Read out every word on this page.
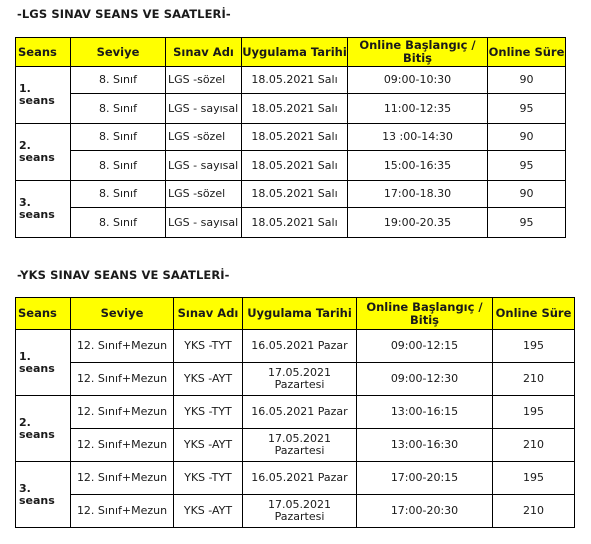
-LGS SINAV SEANS VE SAATLERİ-
Seans	Seviye	Sınav Adı	Uygulama Tarihi	Online Başlangıç / Bitiş	Online Süre
1. seans	8. Sınıf	LGS -sözel	18.05.2021 Salı	09:00-10:30	90
	8. Sınıf	LGS - sayısal	18.05.2021 Salı	11:00-12:35	95
2. seans	8. Sınıf	LGS -sözel	18.05.2021 Salı	13 :00-14:30	90
	8. Sınıf	LGS - sayısal	18.05.2021 Salı	15:00-16:35	95
3. seans	8. Sınıf	LGS -sözel	18.05.2021 Salı	17:00-18.30	90
	8. Sınıf	LGS - sayısal	18.05.2021 Salı	19:00-20.35	95
-YKS SINAV SEANS VE SAATLERİ-
Seans	Seviye	Sınav Adı	Uygulama Tarihi	Online Başlangıç / Bitiş	Online Süre
1. seans	12. Sınıf+Mezun	YKS -TYT	16.05.2021 Pazar	09:00-12:15	195
	12. Sınıf+Mezun	YKS -AYT	17.05.2021 Pazartesi	09:00-12:30	210
2. seans	12. Sınıf+Mezun	YKS -TYT	16.05.2021 Pazar	13:00-16:15	195
	12. Sınıf+Mezun	YKS -AYT	17.05.2021 Pazartesi	13:00-16:30	210
3. seans	12. Sınıf+Mezun	YKS -TYT	16.05.2021 Pazar	17:00-20:15	195
	12. Sınıf+Mezun	YKS -AYT	17.05.2021 Pazartesi	17:00-20:30	210
